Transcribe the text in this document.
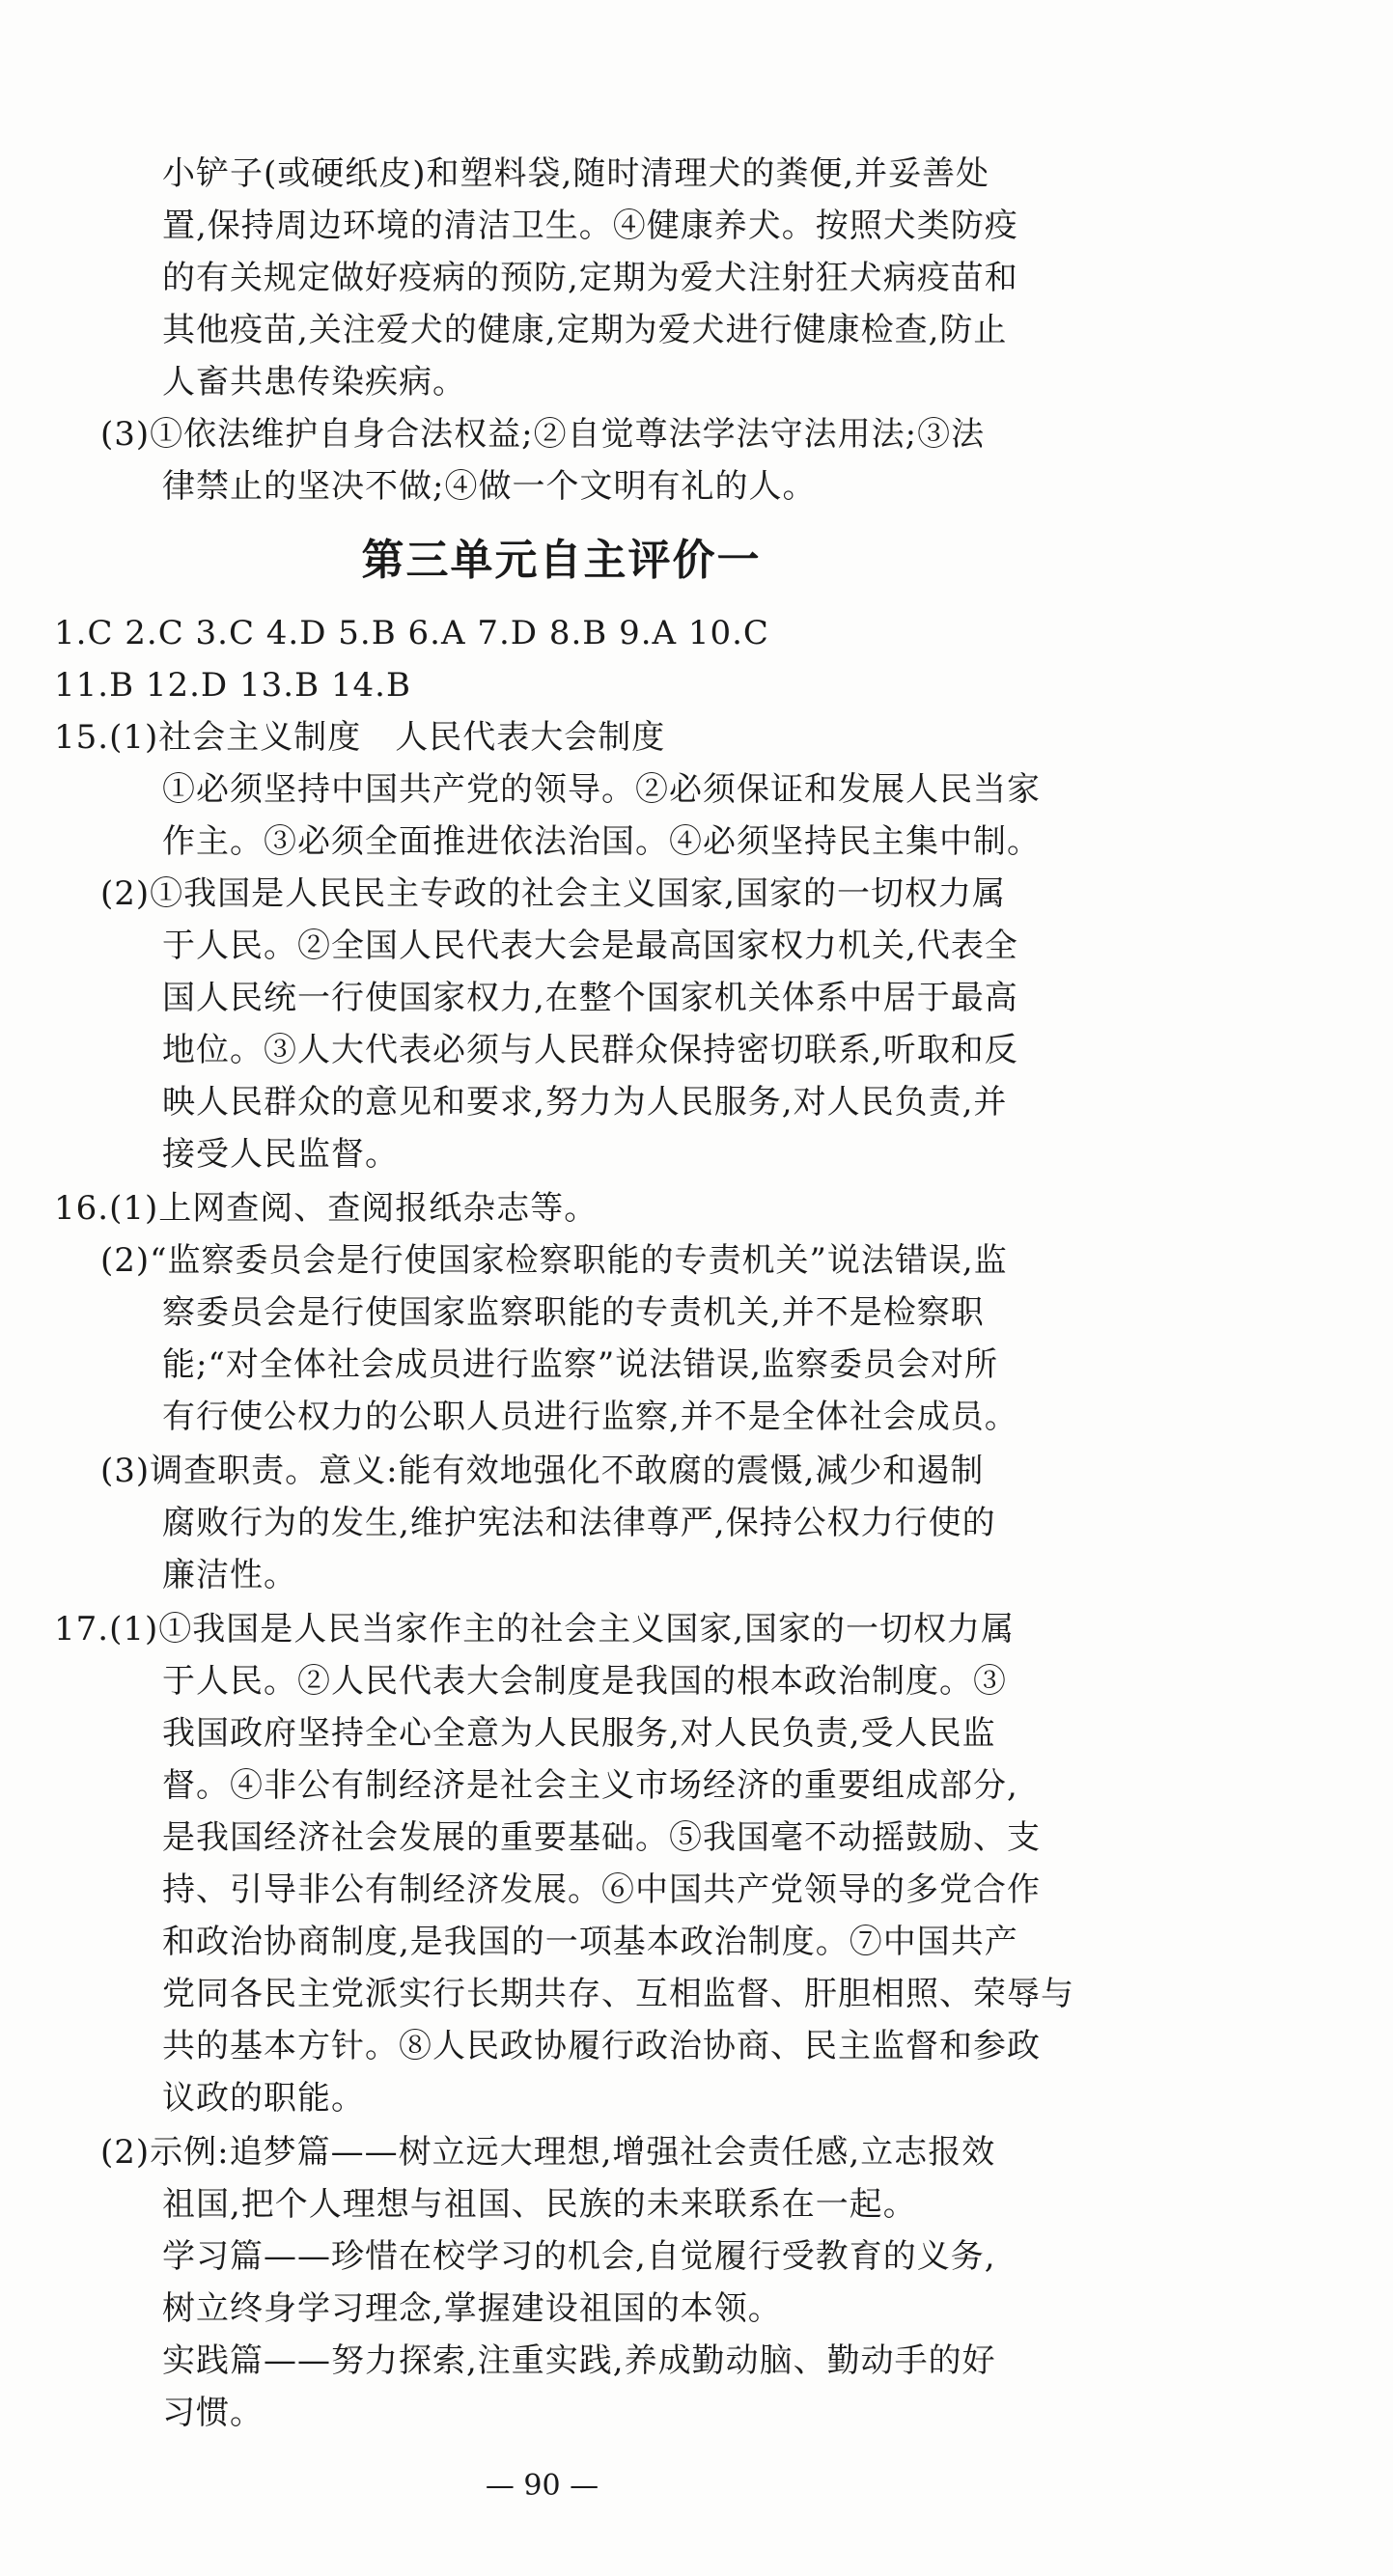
小铲子(或硬纸皮)和塑料袋,随时清理犬的粪便,并妥善处
置,保持周边环境的清洁卫生。④健康养犬。按照犬类防疫
的有关规定做好疫病的预防,定期为爱犬注射狂犬病疫苗和
其他疫苗,关注爱犬的健康,定期为爱犬进行健康检查,防止
人畜共患传染疾病。
(3)①依法维护自身合法权益;②自觉尊法学法守法用法;③法
律禁止的坚决不做;④做一个文明有礼的人。
第三单元自主评价一
1.C 2.C 3.C 4.D 5.B 6.A 7.D 8.B 9.A 10.C
11.B 12.D 13.B 14.B
15.(1)社会主义制度　人民代表大会制度
①必须坚持中国共产党的领导。②必须保证和发展人民当家
作主。③必须全面推进依法治国。④必须坚持民主集中制。
(2)①我国是人民民主专政的社会主义国家,国家的一切权力属
于人民。②全国人民代表大会是最高国家权力机关,代表全
国人民统一行使国家权力,在整个国家机关体系中居于最高
地位。③人大代表必须与人民群众保持密切联系,听取和反
映人民群众的意见和要求,努力为人民服务,对人民负责,并
接受人民监督。
16.(1)上网查阅、查阅报纸杂志等。
(2)“监察委员会是行使国家检察职能的专责机关”说法错误,监
察委员会是行使国家监察职能的专责机关,并不是检察职
能;“对全体社会成员进行监察”说法错误,监察委员会对所
有行使公权力的公职人员进行监察,并不是全体社会成员。
(3)调查职责。意义:能有效地强化不敢腐的震慑,减少和遏制
腐败行为的发生,维护宪法和法律尊严,保持公权力行使的
廉洁性。
17.(1)①我国是人民当家作主的社会主义国家,国家的一切权力属
于人民。②人民代表大会制度是我国的根本政治制度。③
我国政府坚持全心全意为人民服务,对人民负责,受人民监
督。④非公有制经济是社会主义市场经济的重要组成部分,
是我国经济社会发展的重要基础。⑤我国毫不动摇鼓励、支
持、引导非公有制经济发展。⑥中国共产党领导的多党合作
和政治协商制度,是我国的一项基本政治制度。⑦中国共产
党同各民主党派实行长期共存、互相监督、肝胆相照、荣辱与
共的基本方针。⑧人民政协履行政治协商、民主监督和参政
议政的职能。
(2)示例:追梦篇——树立远大理想,增强社会责任感,立志报效
祖国,把个人理想与祖国、民族的未来联系在一起。
学习篇——珍惜在校学习的机会,自觉履行受教育的义务,
树立终身学习理念,掌握建设祖国的本领。
实践篇——努力探索,注重实践,养成勤动脑、勤动手的好
习惯。
— 90 —
